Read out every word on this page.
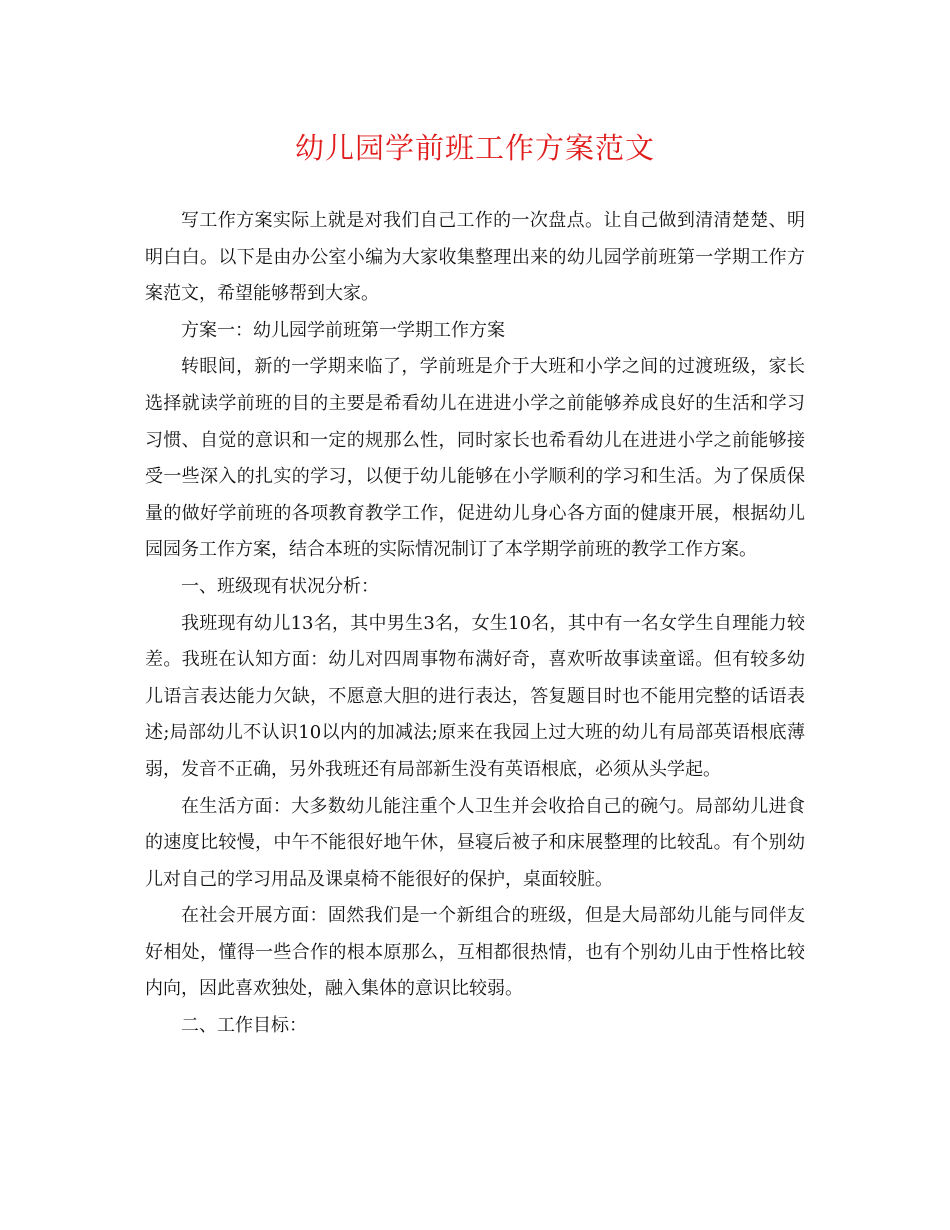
幼儿园学前班工作方案范文

写工作方案实际上就是对我们自己工作的一次盘点。让自己做到清清楚楚、明明白白。以下是由办公室小编为大家收集整理出来的幼儿园学前班第一学期工作方案范文，希望能够帮到大家。

方案一：幼儿园学前班第一学期工作方案

转眼间，新的一学期来临了，学前班是介于大班和小学之间的过渡班级，家长选择就读学前班的目的主要是希看幼儿在进进小学之前能够养成良好的生活和学习习惯、自觉的意识和一定的规那么性，同时家长也希看幼儿在进进小学之前能够接受一些深入的扎实的学习，以便于幼儿能够在小学顺利的学习和生活。为了保质保量的做好学前班的各项教育教学工作，促进幼儿身心各方面的健康开展，根据幼儿园园务工作方案，结合本班的实际情况制订了本学期学前班的教学工作方案。

一、班级现有状况分析：

我班现有幼儿13名，其中男生3名，女生10名，其中有一名女学生自理能力较差。我班在认知方面：幼儿对四周事物布满好奇，喜欢听故事读童谣。但有较多幼儿语言表达能力欠缺，不愿意大胆的进行表达，答复题目时也不能用完整的话语表述;局部幼儿不认识10以内的加减法;原来在我园上过大班的幼儿有局部英语根底薄弱，发音不正确，另外我班还有局部新生没有英语根底，必须从头学起。

在生活方面：大多数幼儿能注重个人卫生并会收拾自己的碗勺。局部幼儿进食的速度比较慢，中午不能很好地午休，昼寝后被子和床展整理的比较乱。有个别幼儿对自己的学习用品及课桌椅不能很好的保护，桌面较脏。

在社会开展方面：固然我们是一个新组合的班级，但是大局部幼儿能与同伴友好相处，懂得一些合作的根本原那么，互相都很热情，也有个别幼儿由于性格比较内向，因此喜欢独处，融入集体的意识比较弱。

二、工作目标：
